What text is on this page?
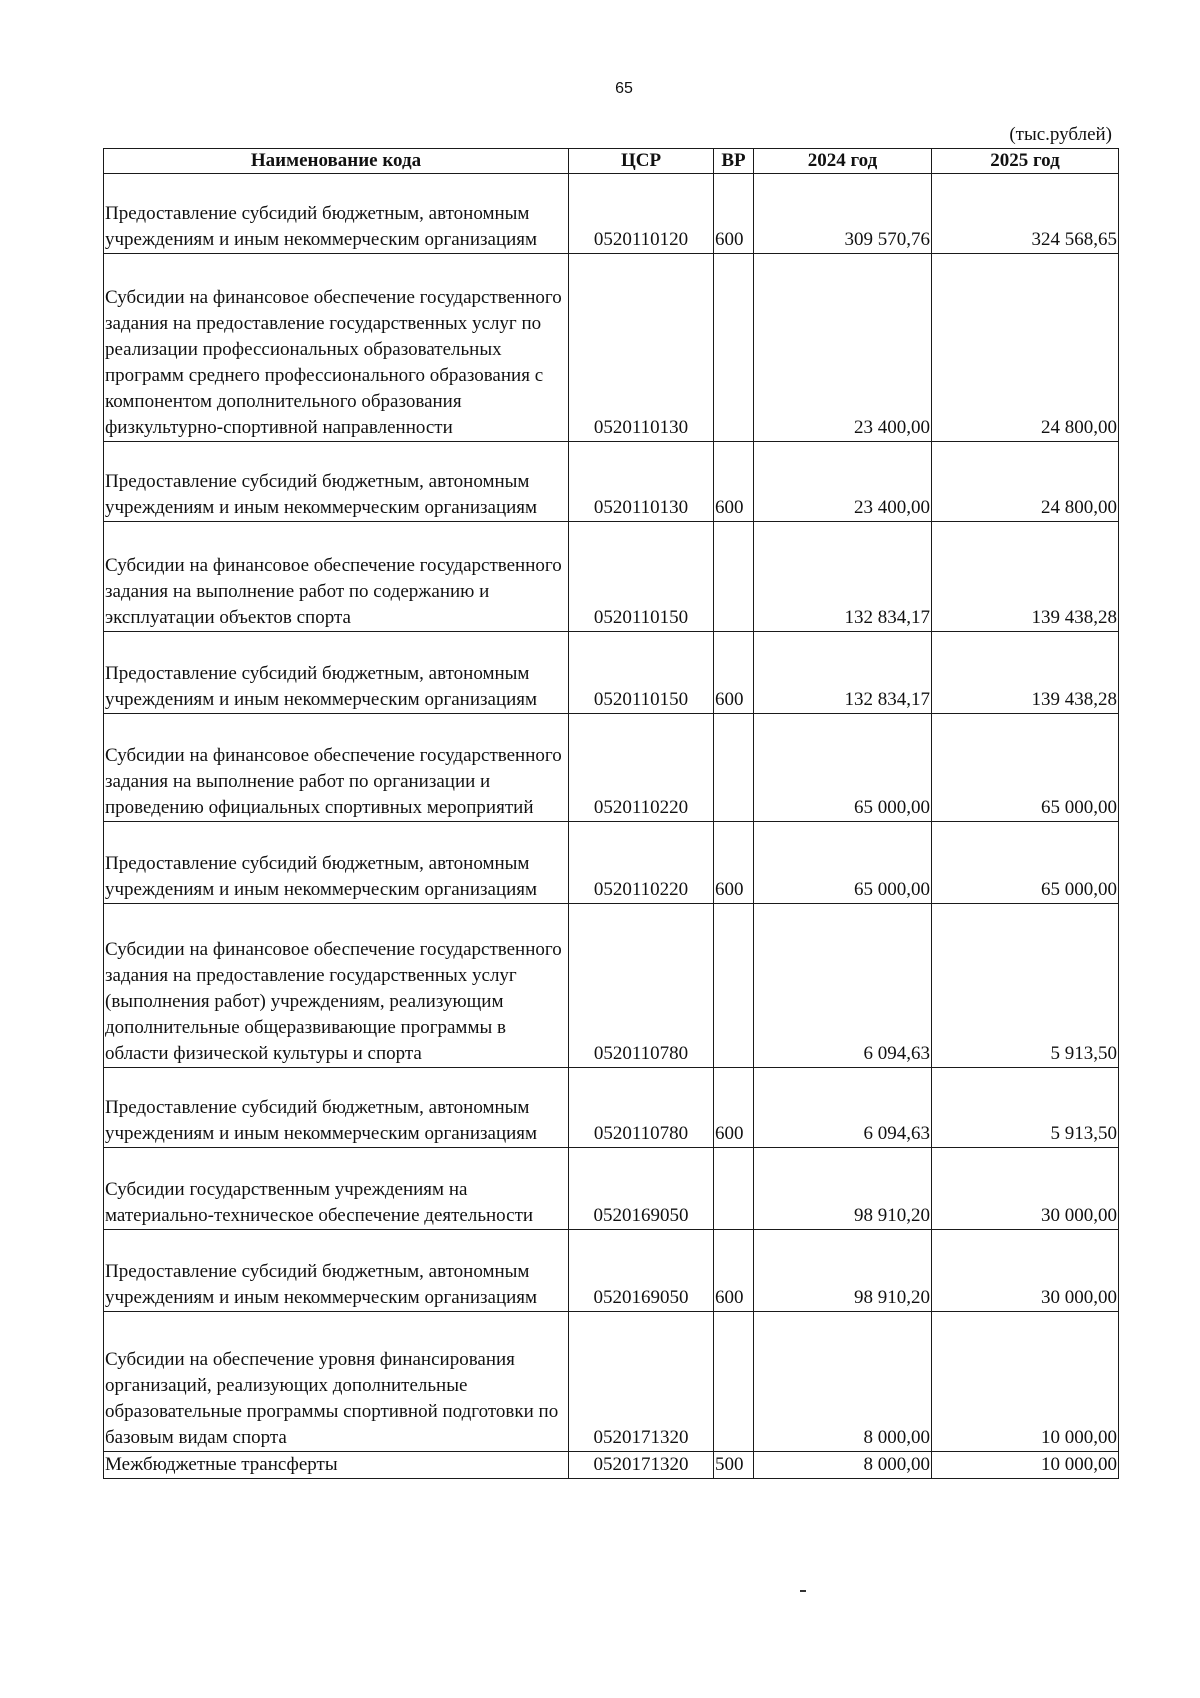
65
(тыс.рублей)
Наименование кода	ЦСР	ВР	2024 год	2025 год
Предоставление субсидий бюджетным, автономным учреждениям и иным некоммерческим организациям	0520110120	600	309 570,76	324 568,65
Субсидии на финансовое обеспечение государственного задания на предоставление государственных услуг по реализации профессиональных образовательных программ среднего профессионального образования с компонентом дополнительного образования физкультурно-спортивной направленности	0520110130		23 400,00	24 800,00
Предоставление субсидий бюджетным, автономным учреждениям и иным некоммерческим организациям	0520110130	600	23 400,00	24 800,00
Субсидии на финансовое обеспечение государственного задания на выполнение работ по содержанию и эксплуатации объектов спорта	0520110150		132 834,17	139 438,28
Предоставление субсидий бюджетным, автономным учреждениям и иным некоммерческим организациям	0520110150	600	132 834,17	139 438,28
Субсидии на финансовое обеспечение государственного задания на выполнение работ по организации и проведению официальных спортивных мероприятий	0520110220		65 000,00	65 000,00
Предоставление субсидий бюджетным, автономным учреждениям и иным некоммерческим организациям	0520110220	600	65 000,00	65 000,00
Субсидии на финансовое обеспечение государственного задания на предоставление государственных услуг (выполнения работ) учреждениям, реализующим дополнительные общеразвивающие программы в области физической культуры и спорта	0520110780		6 094,63	5 913,50
Предоставление субсидий бюджетным, автономным учреждениям и иным некоммерческим организациям	0520110780	600	6 094,63	5 913,50
Субсидии государственным учреждениям на материально-техническое обеспечение деятельности	0520169050		98 910,20	30 000,00
Предоставление субсидий бюджетным, автономным учреждениям и иным некоммерческим организациям	0520169050	600	98 910,20	30 000,00
Субсидии на обеспечение уровня финансирования организаций, реализующих дополнительные образовательные программы спортивной подготовки по базовым видам спорта	0520171320		8 000,00	10 000,00
Межбюджетные трансферты	0520171320	500	8 000,00	10 000,00
